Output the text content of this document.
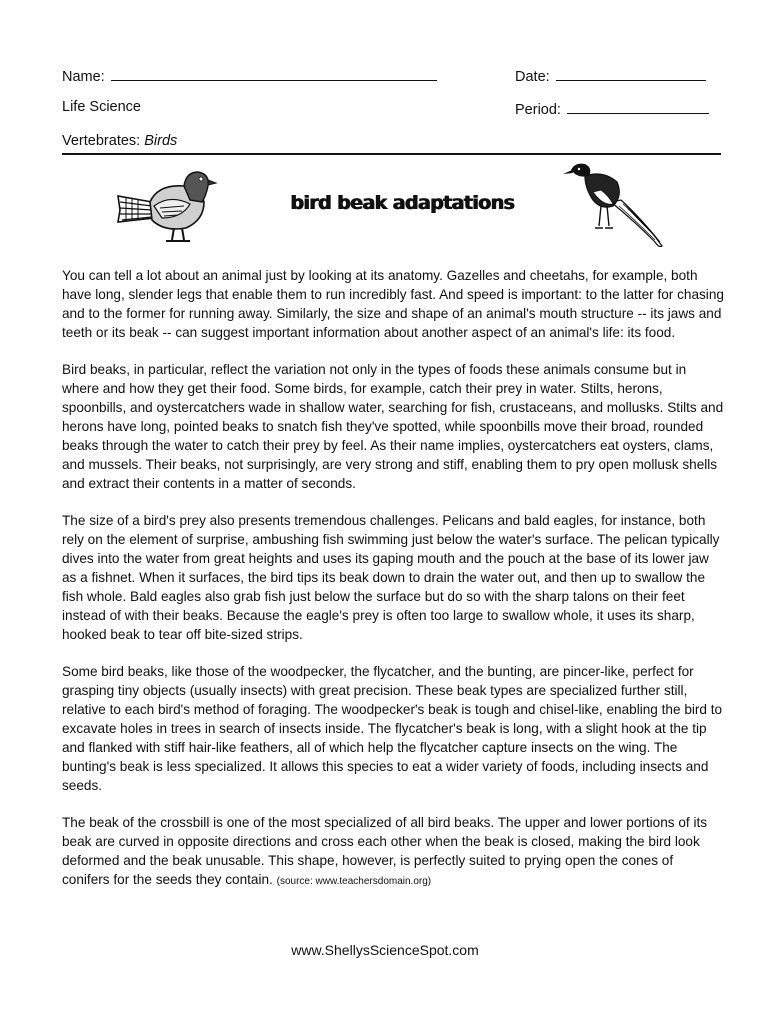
Name:	Date:
Life Science	Period:
Vertebrates: Birds
bird beak adaptations

You can tell a lot about an animal just by looking at its anatomy. Gazelles and cheetahs, for example, both have long, slender legs that enable them to run incredibly fast. And speed is important: to the latter for chasing and to the former for running away. Similarly, the size and shape of an animal's mouth structure -- its jaws and teeth or its beak -- can suggest important information about another aspect of an animal's life: its food.

Bird beaks, in particular, reflect the variation not only in the types of foods these animals consume but in where and how they get their food. Some birds, for example, catch their prey in water. Stilts, herons, spoonbills, and oystercatchers wade in shallow water, searching for fish, crustaceans, and mollusks. Stilts and herons have long, pointed beaks to snatch fish they've spotted, while spoonbills move their broad, rounded beaks through the water to catch their prey by feel. As their name implies, oystercatchers eat oysters, clams, and mussels. Their beaks, not surprisingly, are very strong and stiff, enabling them to pry open mollusk shells and extract their contents in a matter of seconds.

The size of a bird's prey also presents tremendous challenges. Pelicans and bald eagles, for instance, both rely on the element of surprise, ambushing fish swimming just below the water's surface. The pelican typically dives into the water from great heights and uses its gaping mouth and the pouch at the base of its lower jaw as a fishnet. When it surfaces, the bird tips its beak down to drain the water out, and then up to swallow the fish whole. Bald eagles also grab fish just below the surface but do so with the sharp talons on their feet instead of with their beaks. Because the eagle's prey is often too large to swallow whole, it uses its sharp, hooked beak to tear off bite-sized strips.

Some bird beaks, like those of the woodpecker, the flycatcher, and the bunting, are pincer-like, perfect for grasping tiny objects (usually insects) with great precision. These beak types are specialized further still, relative to each bird's method of foraging. The woodpecker's beak is tough and chisel-like, enabling the bird to excavate holes in trees in search of insects inside. The flycatcher's beak is long, with a slight hook at the tip and flanked with stiff hair-like feathers, all of which help the flycatcher capture insects on the wing. The bunting's beak is less specialized. It allows this species to eat a wider variety of foods, including insects and seeds.

The beak of the crossbill is one of the most specialized of all bird beaks. The upper and lower portions of its beak are curved in opposite directions and cross each other when the beak is closed, making the bird look deformed and the beak unusable. This shape, however, is perfectly suited to prying open the cones of conifers for the seeds they contain. (source: www.teachersdomain.org)

www.ShellysScienceSpot.com
